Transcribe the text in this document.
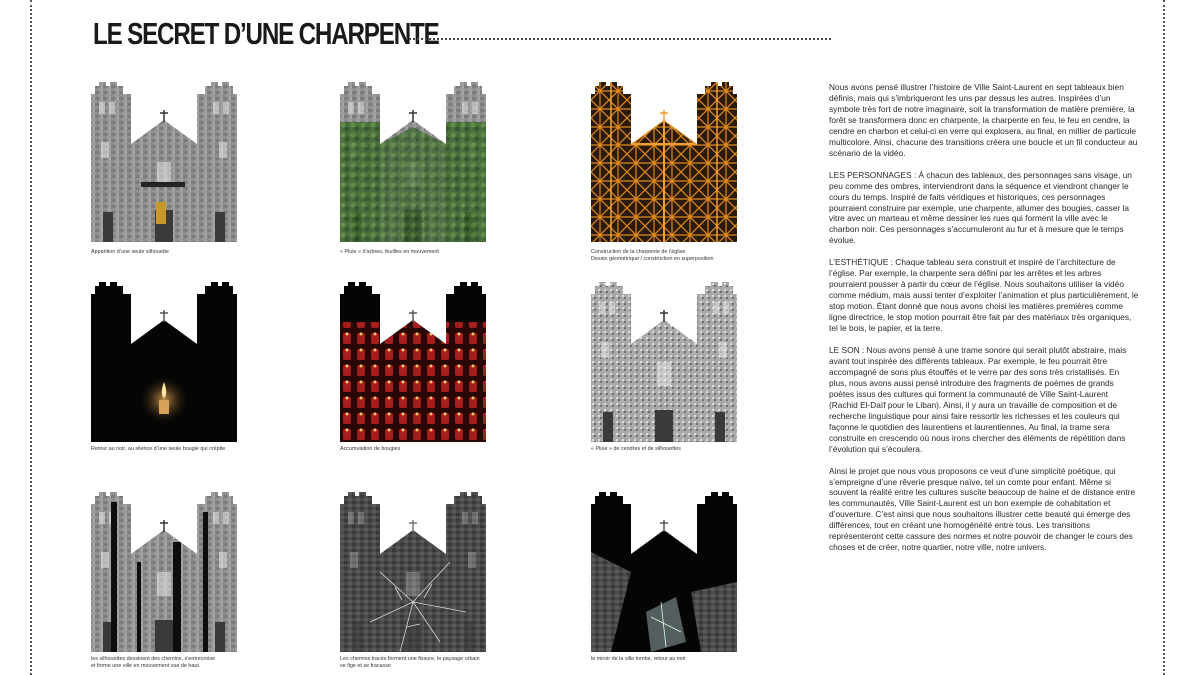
LE SECRET D’UNE CHARPENTE
Apparition d’une seule silhouette	« Pluie » d’arbres, feuilles en mouvement	Construction de la charpente de l’église
Dessin géométrique / construction en superposition
Retour au noir, au silence d’une seule bougie qui crépite	Accumulation de bougies	« Pluie » de cendres et de silhouettes
les silhouettes dessinent des chemins, s’entrecroise
et forme une ville en mouvement vue de haut.
Les chemins tracés forment une fissure, le paysage urbain
se fige et se fracasse
le miroir de la ville tombe, retour au noir

Nous avons pensé illustrer l’histoire de Ville Saint-Laurent en sept tableaux bien définis, mais qui s’imbriqueront les uns par dessus les autres. Inspirées d’un symbole très fort de notre imaginaire, soit la transformation de matière première, la forêt se transformera donc en charpente, la charpente en feu, le feu en cendre, la cendre en charbon et celui-ci en verre qui explosera, au final, en millier de particule multicolore. Ainsi, chacune des transitions créera une boucle et un fil conducteur au scénario de la vidéo.

LES PERSONNAGES : À chacun des tableaux, des personnages sans visage, un peu comme des ombres, interviendront dans la séquence et viendront changer le cours du temps. Inspiré de faits véridiques et historiques, ces personnages pourraient construire par exemple, une charpente, allumer des bougies, casser la vitre avec un marteau et même dessiner les rues qui forment la ville avec le charbon noir. Ces personnages s’accumuleront au fur et à mesure que le temps évolue.

L’ESTHÉTIQUE : Chaque tableau sera construit et inspiré de l’architecture de l’église. Par exemple, la charpente sera défini par les arrêtes et les arbres pourraient pousser à partir du cœur de l’église. Nous souhaitons utiliser la vidéo comme médium, mais aussi tenter d’exploiter l’animation et plus particulièrement, le stop motion. Étant donné que nous avons choisi les matières premières comme ligne directrice, le stop motion pourrait être fait par des matériaux très organiques, tel le bois, le papier, et la terre.

LE SON : Nous avons pensé à une trame sonore qui serait plutôt abstraire, mais avant tout inspirée des différents tableaux. Par exemple, le feu pourrait être accompagné de sons plus étouffés et le verre par des sons très cristallisés. En plus, nous avons aussi pensé introduire des fragments de poèmes de grands poètes issus des cultures qui forment la communauté de Ville Saint-Laurent (Rachid El-Daïf pour le Liban). Ainsi, il y aura un travaille de composition et de recherche linguistique pour ainsi faire ressortir les richesses et les couleurs qui façonne le quotidien des laurentiens et laurentiennes. Au final, la trame sera construite en crescendo où nous irons chercher des éléments de répétition dans l’évolution qui s’écoulera.

Ainsi le projet que nous vous proposons ce veut d’une simplicité poétique, qui s’empreigne d’une rêverie presque naïve, tel un comte pour enfant. Même si souvent la réalité entre les cultures suscite beaucoup de haine et de distance entre les communautés, Ville Saint-Laurent est un bon exemple de cohabitation et d’ouverture. C’est ainsi que nous souhaitons illustrer cette beauté qui émerge des différences, tout en créant une homogénéité entre tous. Les transitions représenteront cette cassure des normes et notre pouvoir de changer le cours des choses et de créer, notre quartier, notre ville, notre univers.
